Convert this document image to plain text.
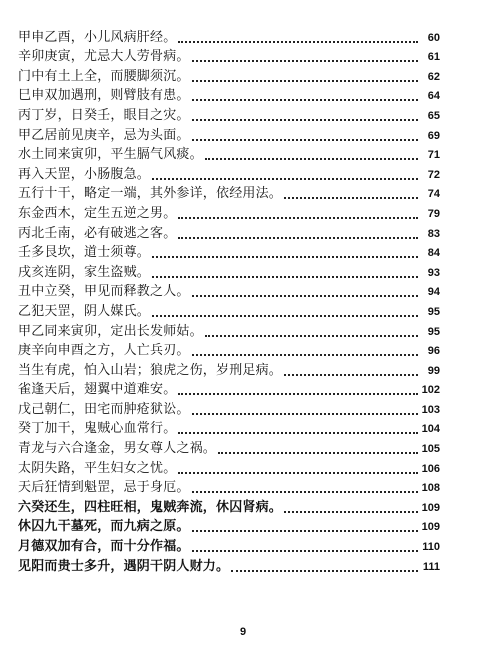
甲申乙酉，小儿风病肝经。	60
辛卯庚寅，尤忌大人劳骨病。	61
门中有土上全，而腰脚须沉。	62
巳申双加遇刑，则臂肢有患。	64
丙丁岁，日癸壬，眼目之灾。	65
甲乙居前见庚辛，忌为头面。	69
水土同来寅卯，平生膈气风痰。	71
再入天罡，小肠腹急。	72
五行十干，略定一端，其外参详，依经用法。	74
东金西木，定生五逆之男。	79
丙北壬南，必有破逃之客。	83
壬多艮坎，道士须尊。	84
戌亥连阴，家生盗贼。	93
丑中立癸，甲见而释教之人。	94
乙犯天罡，阴人媒氏。	95
甲乙同来寅卯，定出长发师姑。	95
庚辛向申酉之方，人亡兵刃。	96
当生有虎，怕入山岩；狼虎之伤，岁刑足病。	99
雀逢天后，翅翼中道难安。	102
戊己朝仁，田宅而肿疮狱讼。	103
癸丁加干，鬼贼心血常行。	104
青龙与六合逢金，男女尊人之祸。	105
太阴失路，平生妇女之忧。	106
天后狂情到魁罡，忌于身厄。	108
六癸还生，四柱旺相，鬼贼奔流，休囚肾病。	109
休囚九干墓死，而九病之原。	109
月德双加有合，而十分作福。	110
见阳而贵士多升，遇阴干阴人财力。	111
9
